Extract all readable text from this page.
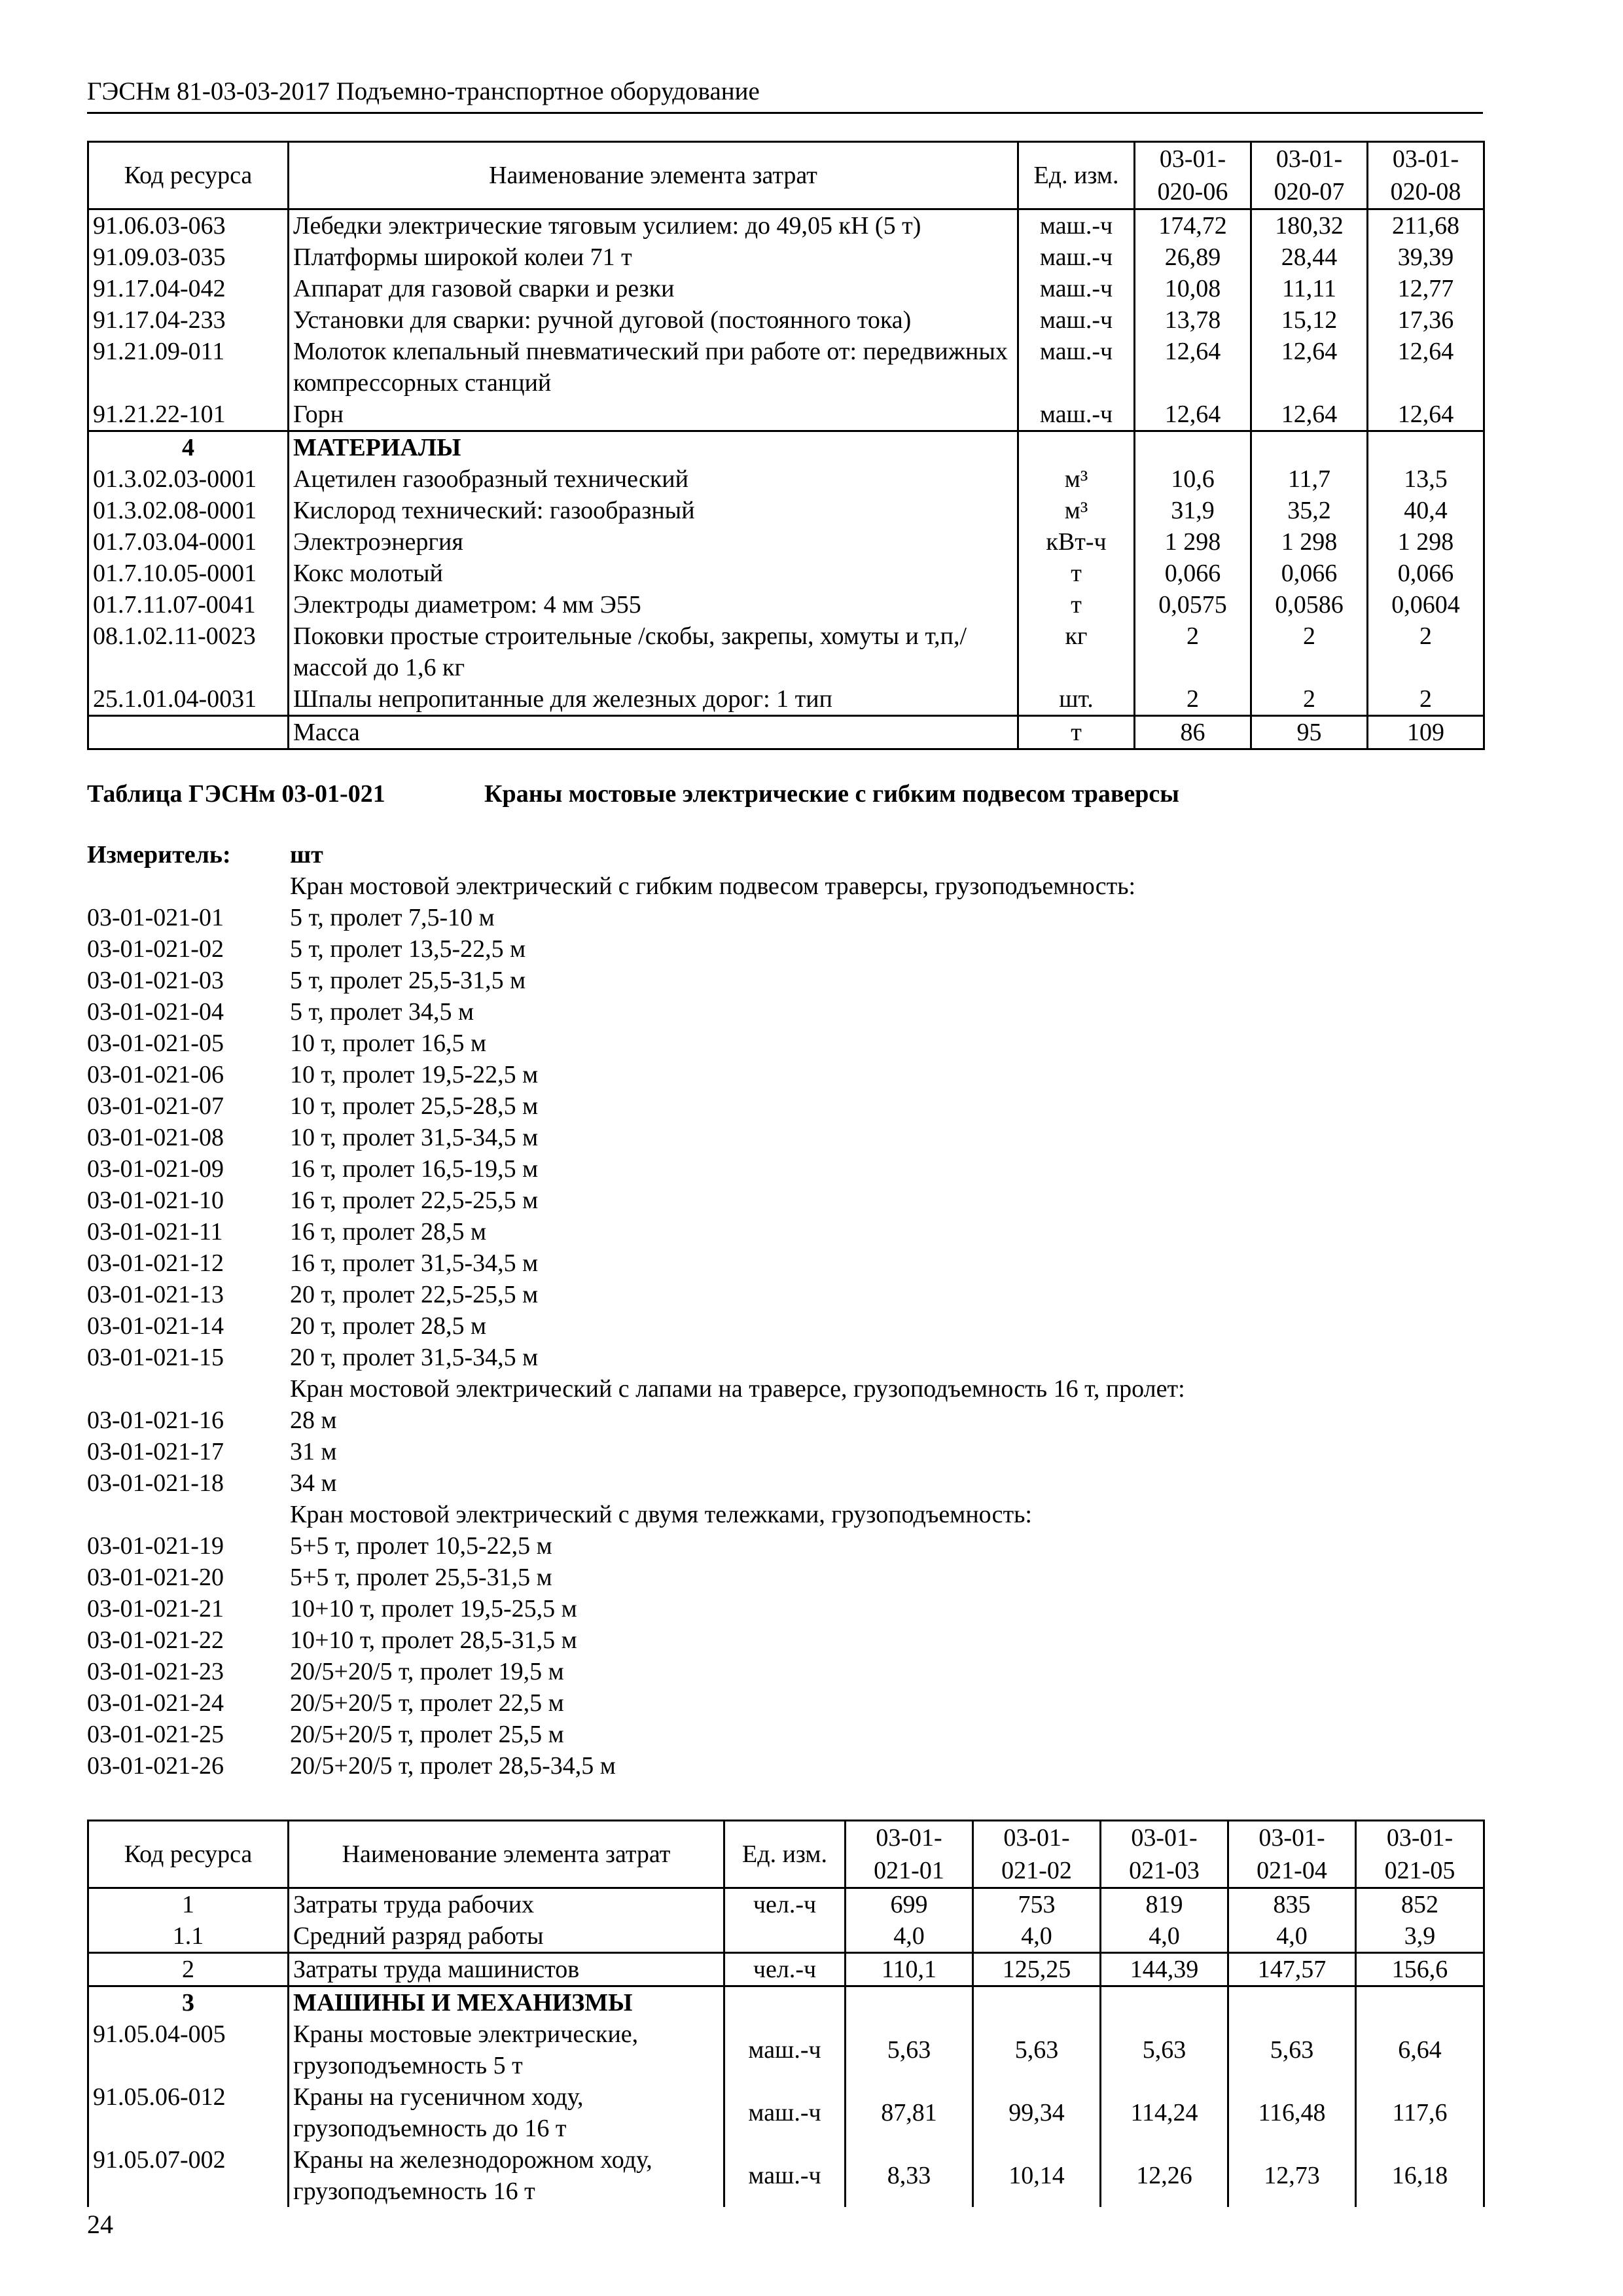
ГЭСНм 81-03-03-2017 Подъемно-транспортное оборудование
Код ресурса	Наименование элемента затрат	Ед. изм.	03-01-020-06	03-01-020-07	03-01-020-08
91.06.03-063	Лебедки электрические тяговым усилием: до 49,05 кН (5 т)	маш.-ч	174,72	180,32	211,68
91.09.03-035	Платформы широкой колеи 71 т	маш.-ч	26,89	28,44	39,39
91.17.04-042	Аппарат для газовой сварки и резки	маш.-ч	10,08	11,11	12,77
91.17.04-233	Установки для сварки: ручной дуговой (постоянного тока)	маш.-ч	13,78	15,12	17,36
91.21.09-011	Молоток клепальный пневматический при работе от: передвижных компрессорных станций	маш.-ч	12,64	12,64	12,64
91.21.22-101	Горн	маш.-ч	12,64	12,64	12,64
4	МАТЕРИАЛЫ				
01.3.02.03-0001	Ацетилен газообразный технический	м³	10,6	11,7	13,5
01.3.02.08-0001	Кислород технический: газообразный	м³	31,9	35,2	40,4
01.7.03.04-0001	Электроэнергия	кВт-ч	1 298	1 298	1 298
01.7.10.05-0001	Кокс молотый	т	0,066	0,066	0,066
01.7.11.07-0041	Электроды диаметром: 4 мм Э55	т	0,0575	0,0586	0,0604
08.1.02.11-0023	Поковки простые строительные /скобы, закрепы, хомуты и т,п,/ массой до 1,6 кг	кг	2	2	2
25.1.01.04-0031	Шпалы непропитанные для железных дорог: 1 тип	шт.	2	2	2
	Масса	т	86	95	109
Таблица ГЭСНм 03-01-021	Краны мостовые электрические с гибким подвесом траверсы
Измеритель:	шт
Кран мостовой электрический с гибким подвесом траверсы, грузоподъемность:
03-01-021-01	5 т, пролет 7,5-10 м
03-01-021-02	5 т, пролет 13,5-22,5 м
03-01-021-03	5 т, пролет 25,5-31,5 м
03-01-021-04	5 т, пролет 34,5 м
03-01-021-05	10 т, пролет 16,5 м
03-01-021-06	10 т, пролет 19,5-22,5 м
03-01-021-07	10 т, пролет 25,5-28,5 м
03-01-021-08	10 т, пролет 31,5-34,5 м
03-01-021-09	16 т, пролет 16,5-19,5 м
03-01-021-10	16 т, пролет 22,5-25,5 м
03-01-021-11	16 т, пролет 28,5 м
03-01-021-12	16 т, пролет 31,5-34,5 м
03-01-021-13	20 т, пролет 22,5-25,5 м
03-01-021-14	20 т, пролет 28,5 м
03-01-021-15	20 т, пролет 31,5-34,5 м
Кран мостовой электрический с лапами на траверсе, грузоподъемность 16 т, пролет:
03-01-021-16	28 м
03-01-021-17	31 м
03-01-021-18	34 м
Кран мостовой электрический с двумя тележками, грузоподъемность:
03-01-021-19	5+5 т, пролет 10,5-22,5 м
03-01-021-20	5+5 т, пролет 25,5-31,5 м
03-01-021-21	10+10 т, пролет 19,5-25,5 м
03-01-021-22	10+10 т, пролет 28,5-31,5 м
03-01-021-23	20/5+20/5 т, пролет 19,5 м
03-01-021-24	20/5+20/5 т, пролет 22,5 м
03-01-021-25	20/5+20/5 т, пролет 25,5 м
03-01-021-26	20/5+20/5 т, пролет 28,5-34,5 м
Код ресурса	Наименование элемента затрат	Ед. изм.	03-01-021-01	03-01-021-02	03-01-021-03	03-01-021-04	03-01-021-05
1	Затраты труда рабочих	чел.-ч	699	753	819	835	852
1.1	Средний разряд работы		4,0	4,0	4,0	4,0	3,9
2	Затраты труда машинистов	чел.-ч	110,1	125,25	144,39	147,57	156,6
3	МАШИНЫ И МЕХАНИЗМЫ						
91.05.04-005	Краны мостовые электрические, грузоподъемность 5 т	маш.-ч	5,63	5,63	5,63	5,63	6,64
91.05.06-012	Краны на гусеничном ходу, грузоподъемность до 16 т	маш.-ч	87,81	99,34	114,24	116,48	117,6
91.05.07-002	Краны на железнодорожном ходу, грузоподъемность 16 т	маш.-ч	8,33	10,14	12,26	12,73	16,18
24
